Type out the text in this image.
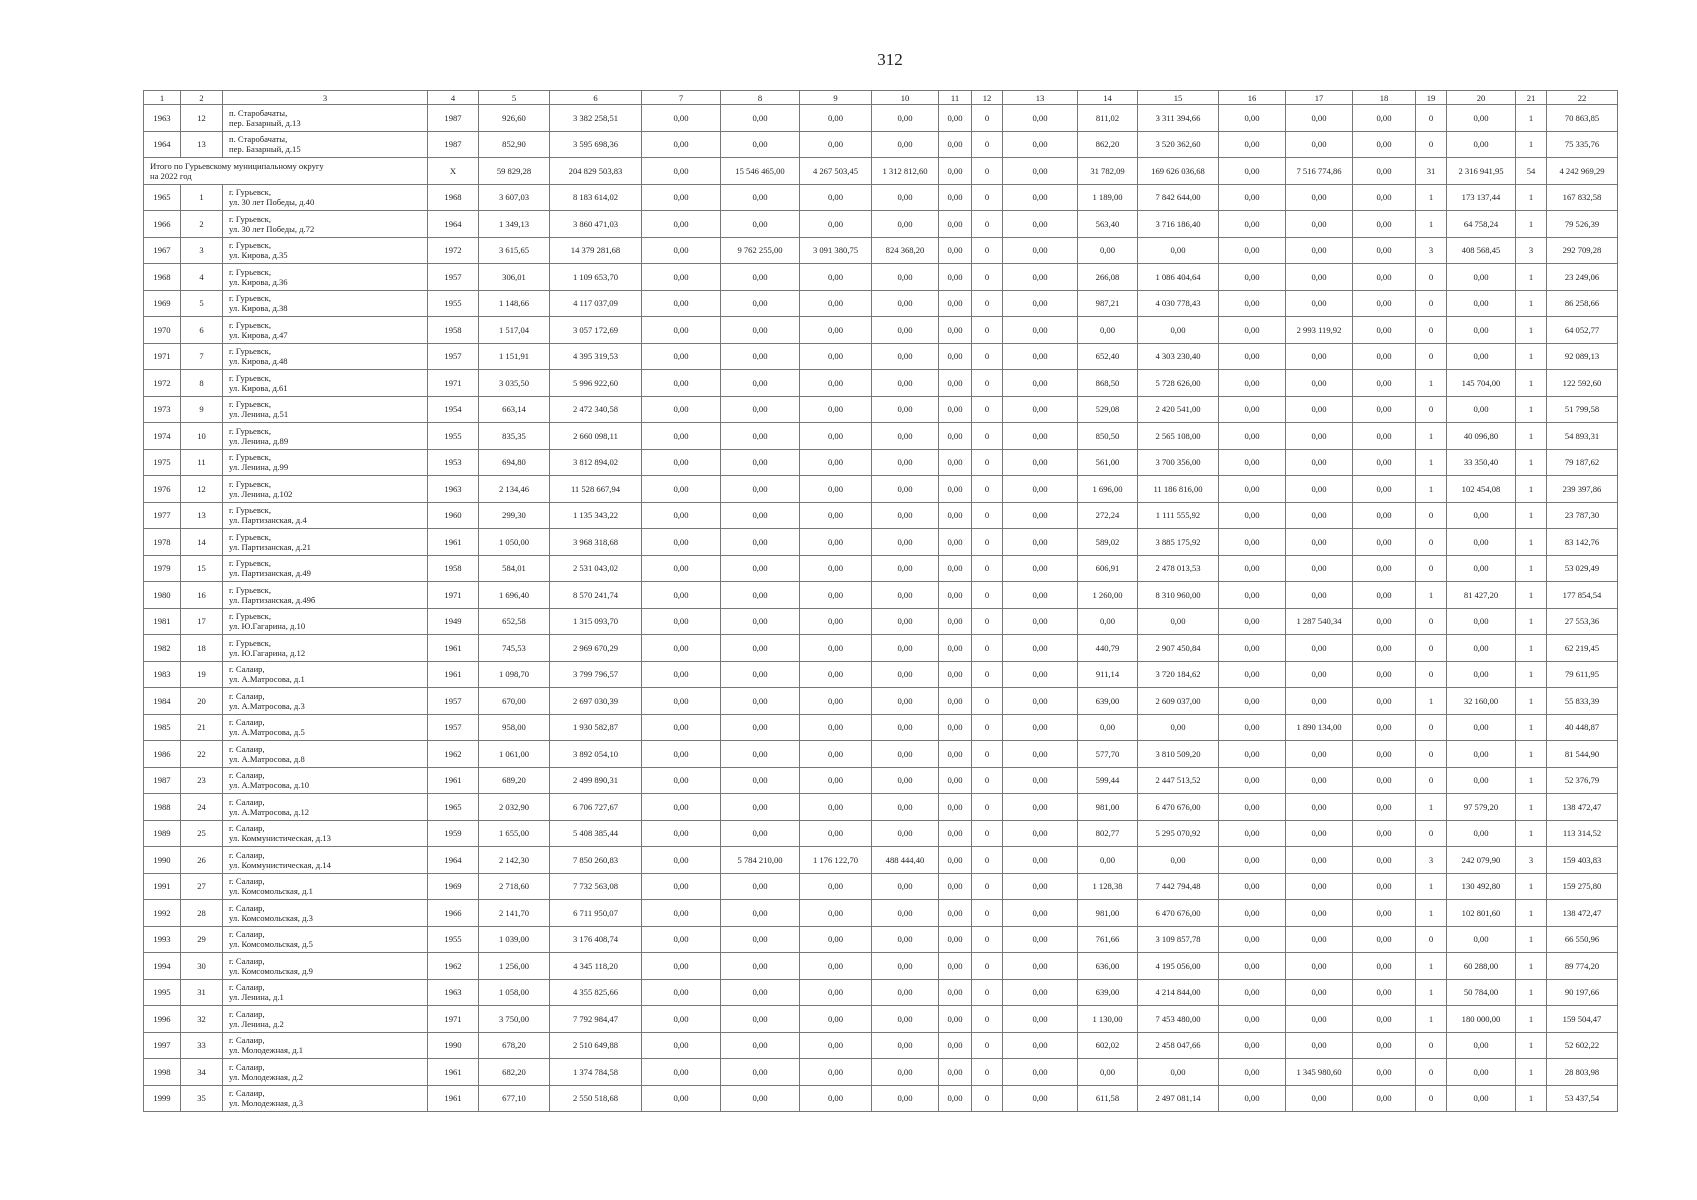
312
1	2	3	4	5	6	7	8	9	10	11	12	13	14	15	16	17	18	19	20	21	22
1963	12	п. Старобачаты,
пер. Базарный, д.13	1987	926,60	3 382 258,51	0,00	0,00	0,00	0,00	0,00	0	0,00	811,02	3 311 394,66	0,00	0,00	0,00	0	0,00	1	70 863,85
1964	13	п. Старобачаты,
пер. Базарный, д.15	1987	852,90	3 595 698,36	0,00	0,00	0,00	0,00	0,00	0	0,00	862,20	3 520 362,60	0,00	0,00	0,00	0	0,00	1	75 335,76
Итого по Гурьевскому муниципальному округу
на 2022 год			X	59 829,28	204 829 503,83	0,00	15 546 465,00	4 267 503,45	1 312 812,60	0,00	0	0,00	31 782,09	169 626 036,68	0,00	7 516 774,86	0,00	31	2 316 941,95	54	4 242 969,29
1965	1	г. Гурьевск,
ул. 30 лет Победы, д.40	1968	3 607,03	8 183 614,02	0,00	0,00	0,00	0,00	0,00	0	0,00	1 189,00	7 842 644,00	0,00	0,00	0,00	1	173 137,44	1	167 832,58
1966	2	г. Гурьевск,
ул. 30 лет Победы, д.72	1964	1 349,13	3 860 471,03	0,00	0,00	0,00	0,00	0,00	0	0,00	563,40	3 716 186,40	0,00	0,00	0,00	1	64 758,24	1	79 526,39
1967	3	г. Гурьевск,
ул. Кирова, д.35	1972	3 615,65	14 379 281,68	0,00	9 762 255,00	3 091 380,75	824 368,20	0,00	0	0,00	0,00	0,00	0,00	0,00	0,00	3	408 568,45	3	292 709,28
1968	4	г. Гурьевск,
ул. Кирова, д.36	1957	306,01	1 109 653,70	0,00	0,00	0,00	0,00	0,00	0	0,00	266,08	1 086 404,64	0,00	0,00	0,00	0	0,00	1	23 249,06
1969	5	г. Гурьевск,
ул. Кирова, д.38	1955	1 148,66	4 117 037,09	0,00	0,00	0,00	0,00	0,00	0	0,00	987,21	4 030 778,43	0,00	0,00	0,00	0	0,00	1	86 258,66
1970	6	г. Гурьевск,
ул. Кирова, д.47	1958	1 517,04	3 057 172,69	0,00	0,00	0,00	0,00	0,00	0	0,00	0,00	0,00	0,00	2 993 119,92	0,00	0	0,00	1	64 052,77
1971	7	г. Гурьевск,
ул. Кирова, д.48	1957	1 151,91	4 395 319,53	0,00	0,00	0,00	0,00	0,00	0	0,00	652,40	4 303 230,40	0,00	0,00	0,00	0	0,00	1	92 089,13
1972	8	г. Гурьевск,
ул. Кирова, д.61	1971	3 035,50	5 996 922,60	0,00	0,00	0,00	0,00	0,00	0	0,00	868,50	5 728 626,00	0,00	0,00	0,00	1	145 704,00	1	122 592,60
1973	9	г. Гурьевск,
ул. Ленина, д.51	1954	663,14	2 472 340,58	0,00	0,00	0,00	0,00	0,00	0	0,00	529,08	2 420 541,00	0,00	0,00	0,00	0	0,00	1	51 799,58
1974	10	г. Гурьевск,
ул. Ленина, д.89	1955	835,35	2 660 098,11	0,00	0,00	0,00	0,00	0,00	0	0,00	850,50	2 565 108,00	0,00	0,00	0,00	1	40 096,80	1	54 893,31
1975	11	г. Гурьевск,
ул. Ленина, д.99	1953	694,80	3 812 894,02	0,00	0,00	0,00	0,00	0,00	0	0,00	561,00	3 700 356,00	0,00	0,00	0,00	1	33 350,40	1	79 187,62
1976	12	г. Гурьевск,
ул. Ленина, д.102	1963	2 134,46	11 528 667,94	0,00	0,00	0,00	0,00	0,00	0	0,00	1 696,00	11 186 816,00	0,00	0,00	0,00	1	102 454,08	1	239 397,86
1977	13	г. Гурьевск,
ул. Партизанская, д.4	1960	299,30	1 135 343,22	0,00	0,00	0,00	0,00	0,00	0	0,00	272,24	1 111 555,92	0,00	0,00	0,00	0	0,00	1	23 787,30
1978	14	г. Гурьевск,
ул. Партизанская, д.21	1961	1 050,00	3 968 318,68	0,00	0,00	0,00	0,00	0,00	0	0,00	589,02	3 885 175,92	0,00	0,00	0,00	0	0,00	1	83 142,76
1979	15	г. Гурьевск,
ул. Партизанская, д.49	1958	584,01	2 531 043,02	0,00	0,00	0,00	0,00	0,00	0	0,00	606,91	2 478 013,53	0,00	0,00	0,00	0	0,00	1	53 029,49
1980	16	г. Гурьевск,
ул. Партизанская, д.49б	1971	1 696,40	8 570 241,74	0,00	0,00	0,00	0,00	0,00	0	0,00	1 260,00	8 310 960,00	0,00	0,00	0,00	1	81 427,20	1	177 854,54
1981	17	г. Гурьевск,
ул. Ю.Гагарина, д.10	1949	652,58	1 315 093,70	0,00	0,00	0,00	0,00	0,00	0	0,00	0,00	0,00	0,00	1 287 540,34	0,00	0	0,00	1	27 553,36
1982	18	г. Гурьевск,
ул. Ю.Гагарина, д.12	1961	745,53	2 969 670,29	0,00	0,00	0,00	0,00	0,00	0	0,00	440,79	2 907 450,84	0,00	0,00	0,00	0	0,00	1	62 219,45
1983	19	г. Салаир,
ул. А.Матросова, д.1	1961	1 098,70	3 799 796,57	0,00	0,00	0,00	0,00	0,00	0	0,00	911,14	3 720 184,62	0,00	0,00	0,00	0	0,00	1	79 611,95
1984	20	г. Салаир,
ул. А.Матросова, д.3	1957	670,00	2 697 030,39	0,00	0,00	0,00	0,00	0,00	0	0,00	639,00	2 609 037,00	0,00	0,00	0,00	1	32 160,00	1	55 833,39
1985	21	г. Салаир,
ул. А.Матросова, д.5	1957	958,00	1 930 582,87	0,00	0,00	0,00	0,00	0,00	0	0,00	0,00	0,00	0,00	1 890 134,00	0,00	0	0,00	1	40 448,87
1986	22	г. Салаир,
ул. А.Матросова, д.8	1962	1 061,00	3 892 054,10	0,00	0,00	0,00	0,00	0,00	0	0,00	577,70	3 810 509,20	0,00	0,00	0,00	0	0,00	1	81 544,90
1987	23	г. Салаир,
ул. А.Матросова, д.10	1961	689,20	2 499 890,31	0,00	0,00	0,00	0,00	0,00	0	0,00	599,44	2 447 513,52	0,00	0,00	0,00	0	0,00	1	52 376,79
1988	24	г. Салаир,
ул. А.Матросова, д.12	1965	2 032,90	6 706 727,67	0,00	0,00	0,00	0,00	0,00	0	0,00	981,00	6 470 676,00	0,00	0,00	0,00	1	97 579,20	1	138 472,47
1989	25	г. Салаир,
ул. Коммунистическая, д.13	1959	1 655,00	5 408 385,44	0,00	0,00	0,00	0,00	0,00	0	0,00	802,77	5 295 070,92	0,00	0,00	0,00	0	0,00	1	113 314,52
1990	26	г. Салаир,
ул. Коммунистическая, д.14	1964	2 142,30	7 850 260,83	0,00	5 784 210,00	1 176 122,70	488 444,40	0,00	0	0,00	0,00	0,00	0,00	0,00	0,00	3	242 079,90	3	159 403,83
1991	27	г. Салаир,
ул. Комсомольская, д.1	1969	2 718,60	7 732 563,08	0,00	0,00	0,00	0,00	0,00	0	0,00	1 128,38	7 442 794,48	0,00	0,00	0,00	1	130 492,80	1	159 275,80
1992	28	г. Салаир,
ул. Комсомольская, д.3	1966	2 141,70	6 711 950,07	0,00	0,00	0,00	0,00	0,00	0	0,00	981,00	6 470 676,00	0,00	0,00	0,00	1	102 801,60	1	138 472,47
1993	29	г. Салаир,
ул. Комсомольская, д.5	1955	1 039,00	3 176 408,74	0,00	0,00	0,00	0,00	0,00	0	0,00	761,66	3 109 857,78	0,00	0,00	0,00	0	0,00	1	66 550,96
1994	30	г. Салаир,
ул. Комсомольская, д.9	1962	1 256,00	4 345 118,20	0,00	0,00	0,00	0,00	0,00	0	0,00	636,00	4 195 056,00	0,00	0,00	0,00	1	60 288,00	1	89 774,20
1995	31	г. Салаир,
ул. Ленина, д.1	1963	1 058,00	4 355 825,66	0,00	0,00	0,00	0,00	0,00	0	0,00	639,00	4 214 844,00	0,00	0,00	0,00	1	50 784,00	1	90 197,66
1996	32	г. Салаир,
ул. Ленина, д.2	1971	3 750,00	7 792 984,47	0,00	0,00	0,00	0,00	0,00	0	0,00	1 130,00	7 453 480,00	0,00	0,00	0,00	1	180 000,00	1	159 504,47
1997	33	г. Салаир,
ул. Молодежная, д.1	1990	678,20	2 510 649,88	0,00	0,00	0,00	0,00	0,00	0	0,00	602,02	2 458 047,66	0,00	0,00	0,00	0	0,00	1	52 602,22
1998	34	г. Салаир,
ул. Молодежная, д.2	1961	682,20	1 374 784,58	0,00	0,00	0,00	0,00	0,00	0	0,00	0,00	0,00	0,00	1 345 980,60	0,00	0	0,00	1	28 803,98
1999	35	г. Салаир,
ул. Молодежная, д.3	1961	677,10	2 550 518,68	0,00	0,00	0,00	0,00	0,00	0	0,00	611,58	2 497 081,14	0,00	0,00	0,00	0	0,00	1	53 437,54
